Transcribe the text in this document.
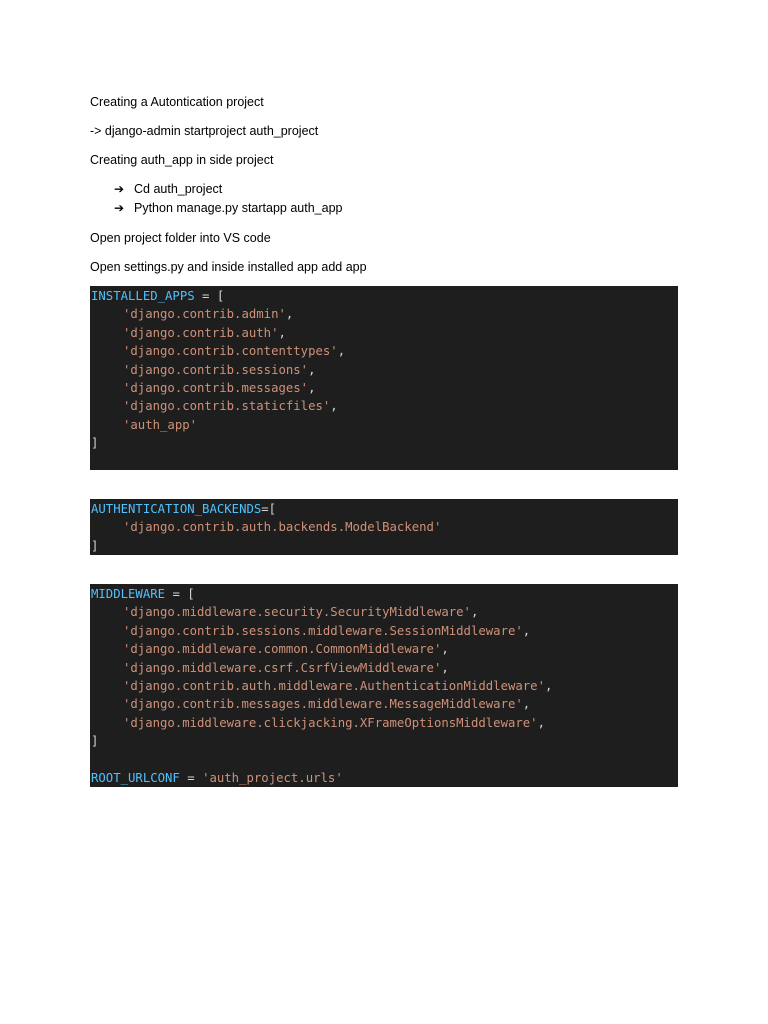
Creating a Autontication project
-> django-admin startproject auth_project
Creating auth_app in side project
➔ Cd auth_project
➔ Python manage.py startapp auth_app
Open project folder into VS code
Open settings.py and inside installed app add app
INSTALLED_APPS = [
'django.contrib.admin',
'django.contrib.auth',
'django.contrib.contenttypes',
'django.contrib.sessions',
'django.contrib.messages',
'django.contrib.staticfiles',
'auth_app'
]
AUTHENTICATION_BACKENDS=[
'django.contrib.auth.backends.ModelBackend'
]
MIDDLEWARE = [
'django.middleware.security.SecurityMiddleware',
'django.contrib.sessions.middleware.SessionMiddleware',
'django.middleware.common.CommonMiddleware',
'django.middleware.csrf.CsrfViewMiddleware',
'django.contrib.auth.middleware.AuthenticationMiddleware',
'django.contrib.messages.middleware.MessageMiddleware',
'django.middleware.clickjacking.XFrameOptionsMiddleware',
]

ROOT_URLCONF = 'auth_project.urls'
